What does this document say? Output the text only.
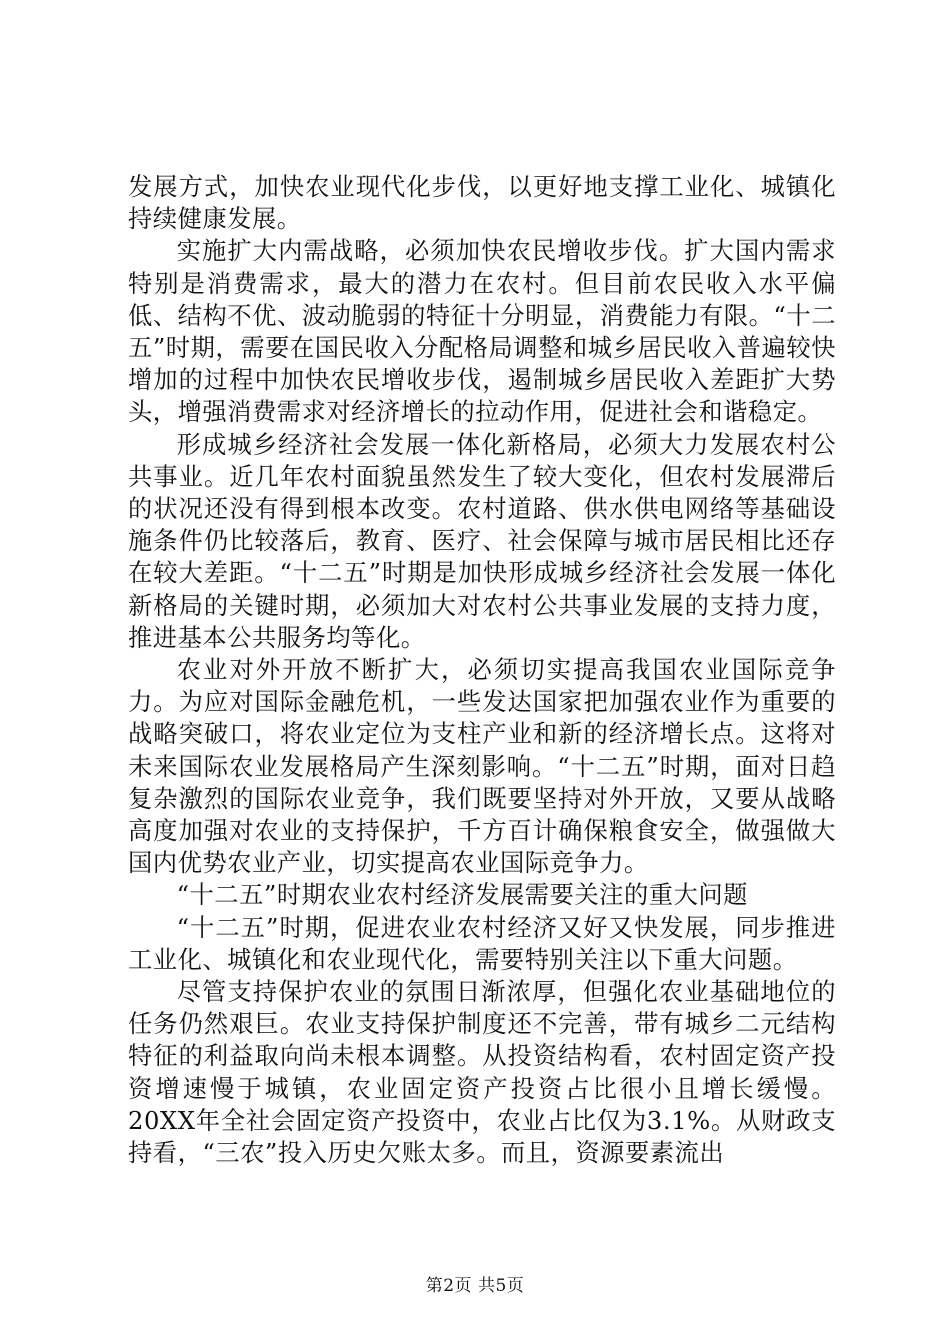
发展方式，加快农业现代化步伐，以更好地支撑工业化、城镇化持续健康发展。

实施扩大内需战略，必须加快农民增收步伐。扩大国内需求特别是消费需求，最大的潜力在农村。但目前农民收入水平偏低、结构不优、波动脆弱的特征十分明显，消费能力有限。“十二五”时期，需要在国民收入分配格局调整和城乡居民收入普遍较快增加的过程中加快农民增收步伐，遏制城乡居民收入差距扩大势头，增强消费需求对经济增长的拉动作用，促进社会和谐稳定。

形成城乡经济社会发展一体化新格局，必须大力发展农村公共事业。近几年农村面貌虽然发生了较大变化，但农村发展滞后的状况还没有得到根本改变。农村道路、供水供电网络等基础设施条件仍比较落后，教育、医疗、社会保障与城市居民相比还存在较大差距。“十二五”时期是加快形成城乡经济社会发展一体化新格局的关键时期，必须加大对农村公共事业发展的支持力度，推进基本公共服务均等化。

农业对外开放不断扩大，必须切实提高我国农业国际竞争力。为应对国际金融危机，一些发达国家把加强农业作为重要的战略突破口，将农业定位为支柱产业和新的经济增长点。这将对未来国际农业发展格局产生深刻影响。“十二五”时期，面对日趋复杂激烈的国际农业竞争，我们既要坚持对外开放，又要从战略高度加强对农业的支持保护，千方百计确保粮食安全，做强做大国内优势农业产业，切实提高农业国际竞争力。

“十二五”时期农业农村经济发展需要关注的重大问题

“十二五”时期，促进农业农村经济又好又快发展，同步推进工业化、城镇化和农业现代化，需要特别关注以下重大问题。

尽管支持保护农业的氛围日渐浓厚，但强化农业基础地位的任务仍然艰巨。农业支持保护制度还不完善，带有城乡二元结构特征的利益取向尚未根本调整。从投资结构看，农村固定资产投资增速慢于城镇，农业固定资产投资占比很小且增长缓慢。20XX年全社会固定资产投资中，农业占比仅为3.1%。从财政支持看，“三农”投入历史欠账太多。而且，资源要素流出

第2页 共5页
